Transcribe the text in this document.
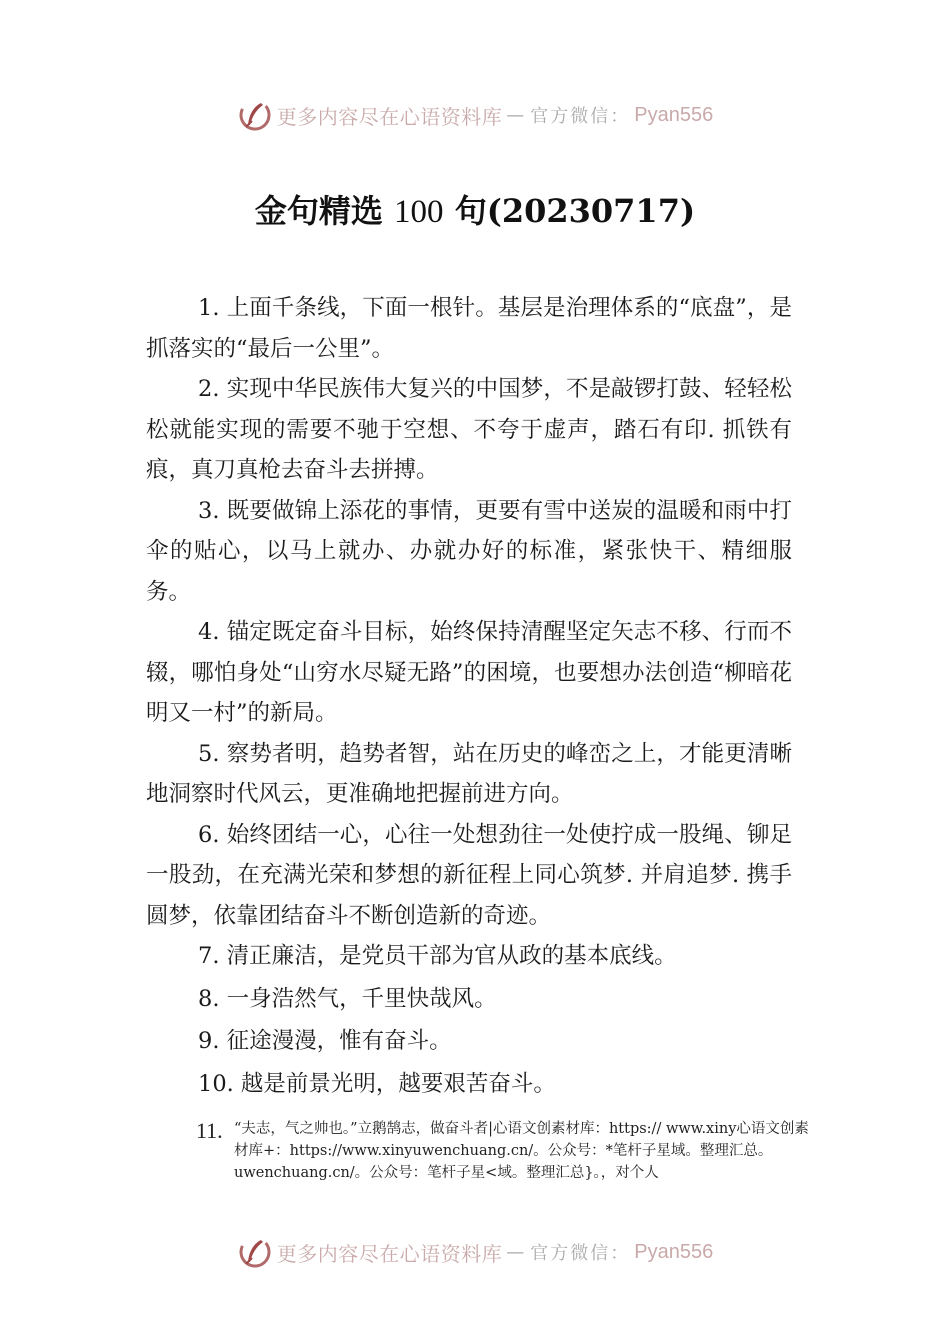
更多内容尽在心语资料库 — 官方微信： Pyan556
金句精选 100 句(20230717)

1. 上面千条线，下面一根针。基层是治理体系的“底盘”，是抓落实的“最后一公里”。

2. 实现中华民族伟大复兴的中国梦，不是敲锣打鼓、轻轻松松就能实现的需要不驰于空想、不夸于虚声，踏石有印. 抓铁有痕，真刀真枪去奋斗去拼搏。

3. 既要做锦上添花的事情，更要有雪中送炭的温暖和雨中打伞的贴心，以马上就办、办就办好的标准，紧张快干、精细服务。

4. 锚定既定奋斗目标，始终保持清醒坚定矢志不移、行而不辍，哪怕身处“山穷水尽疑无路”的困境，也要想办法创造“柳暗花明又一村”的新局。

5. 察势者明，趋势者智，站在历史的峰峦之上，才能更清晰地洞察时代风云，更准确地把握前进方向。

6. 始终团结一心，心往一处想劲往一处使拧成一股绳、铆足一股劲，在充满光荣和梦想的新征程上同心筑梦. 并肩追梦. 携手圆梦，依靠团结奋斗不断创造新的奇迹。

7. 清正廉洁，是党员干部为官从政的基本底线。

8. 一身浩然气，千里快哉风。

9. 征途漫漫，惟有奋斗。

10. 越是前景光明，越要艰苦奋斗。

11. “夫志，气之帅也。”立鹅鹄志，做奋斗者|心语文创素材库：https:// www.xiny心语文创素材库+：https://www.xinyuwenchuang.cn/。公众号：*笔杆子星域。整理汇总。uwenchuang.cn/。公众号：笔杆子星<域。整理汇总}。，对个人
更多内容尽在心语资料库 — 官方微信： Pyan556
